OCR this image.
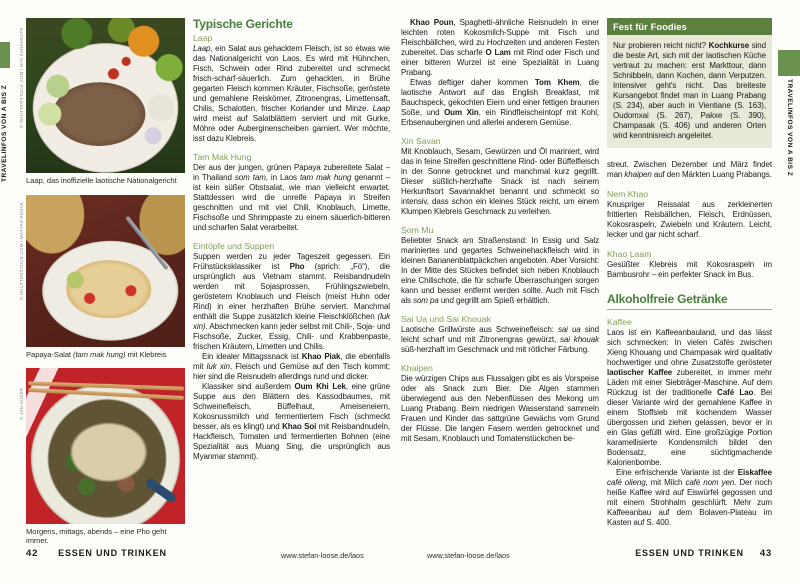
TRAVELINFOS VON A BIS Z
© SHUTTERSTOCK.COM / NITI KANTAROTE
Laap, das inoffizielle laotische Nationalgericht
© SHUTTERSTOCK.COM / MATYAS REHAK
Papaya-Salat (tam mak hung) mit Klebreis
© JAN DÜKER
Morgens, mittags, abends – eine Pho geht immer.
Typische Gerichte
Laap

Laap, ein Salat aus gehacktem Fleisch, ist so etwas wie das Nationalgericht von Laos. Es wird mit Hühnchen, Fisch, Schwein oder Rind zubereitet und schmeckt frisch-scharf-säuerlich. Zum gehackten, in Brühe gegarten Fleisch kommen Kräuter, Fischsoße, geröstete und gemahlene Reiskörner, Zitronengras, Limettensaft, Chilis, Schalotten, frischer Koriander und Minze. Laap wird meist auf Salatblättern serviert und mit Gurke, Möhre oder Auberginenscheiben garniert. Wer möchte, isst dazu Klebreis.

Tam Mak Hung

Der aus der jungen, grünen Papaya zubereitete Salat – in Thailand som tam, in Laos tam mak hung genannt – ist kein süßer Obstsalat, wie man vielleicht erwartet. Stattdessen wird die unreife Papaya in Streifen geschnitten und mit viel Chili, Knoblauch, Limette, Fischsoße und Shrimppaste zu einem säuerlich-bitteren und scharfen Salat verarbeitet.

Eintöpfe und Suppen

Suppen werden zu jeder Tageszeit gegessen. Ein Frühstücksklassiker ist Pho (sprich: „Fö“), die ursprünglich aus Vietnam stammt. Reisbandnudeln werden mit Sojasprossen, Frühlingszwiebeln, geröstetem Knoblauch und Fleisch (meist Huhn oder Rind) in einer herzhaften Brühe serviert. Manchmal enthält die Suppe zusätzlich kleine Fleischklößchen (luk xin). Abschmecken kann jeder selbst mit Chili-, Soja- und Fischsoße, Zucker, Essig, Chili- und Krabbenpaste, frischen Kräutern, Limetten und Chilis.

Ein idealer Mittagssnack ist Khao Piak, die ebenfalls mit luk xin, Fleisch und Gemüse auf den Tisch kommt; hier sind die Reisnudeln allerdings rund und dicker.

Klassiker sind außerdem Oum Khi Lek, eine grüne Suppe aus den Blättern des Kassodbaumes, mit Schweinefleisch, Büffelhaut, Ameiseneiern, Kokosnussmilch und fermentiertem Fisch (schmeckt besser, als es klingt) und Khao Soi mit Reisbandnudeln, Hackfleisch, Tomaten und fermentierten Bohnen (eine Spezialität aus Muang Sing, die ursprünglich aus Myanmar stammt).

Khao Poun, Spaghetti-ähnliche Reisnudeln in einer leichten roten Kokosmilch-Suppe mit Fisch und Fleischbällchen, wird zu Hochzeiten und anderen Festen zubereitet. Das scharfe O Lam mit Rind oder Fisch und einer bitteren Wurzel ist eine Spezialität in Luang Prabang.

Etwas deftiger daher kommen Tom Khem, die laotische Antwort auf das English Breakfast, mit Bauchspeck, gekochten Eiern und einer fettigen braunen Soße, und Oum Xin, ein Rindfleischeintopf mit Kohl, Erbsenauberginen und allerlei anderem Gemüse.

Xin Savan

Mit Knoblauch, Sesam, Gewürzen und Öl mariniert, wird das in feine Streifen geschnittene Rind- oder Büffelfleisch in der Sonne getrocknet und manchmal kurz gegrillt. Dieser süßlich-herzhafte Snack ist nach seinem Herkunftsort Savannakhet benannt und schmeckt so intensiv, dass schon ein kleines Stück reicht, um einem Klumpen Klebreis Geschmack zu verleihen.

Som Mu

Beliebter Snack am Straßenstand: In Essig und Salz mariniertes und gegartes Schweinehackfleisch wird in kleinen Bananenblattpäckchen angeboten. Aber Vorsicht: In der Mitte des Stückes befindet sich neben Knoblauch eine Chilischote, die für scharfe Überraschungen sorgen kann und besser entfernt werden sollte. Auch mit Fisch als som pa und gegrillt am Spieß erhältlich.

Sai Ua und Sai Khouak

Laotische Grillwürste aus Schweinefleisch: sai ua sind leicht scharf und mit Zitronengras gewürzt, sai khouak süß-herzhaft im Geschmack und mit rötlicher Färbung.

Khaipen

Die würzigen Chips aus Flussalgen gibt es als Vorspeise oder als Snack zum Bier. Die Algen stammen überwiegend aus den Nebenflüssen des Mekong um Luang Prabang. Beim niedrigen Wasserstand sammeln Frauen und Kinder das sattgrüne Gewächs vom Grund der Flüsse. Die langen Fasern werden getrocknet und mit Sesam, Knoblauch und Tomatenstückchen be-

Fest für Foodies

Nur probieren reicht nicht? Kochkurse sind die beste Art, sich mit der laotischen Küche vertraut zu machen: erst Markttour, dann Schnibbeln, dann Kochen, dann Verputzen. Intensiver geht's nicht. Das breiteste Kursangebot findet man in Luang Prabang (S. 234), aber auch in Vientiane (S. 163), Oudomxai (S. 267), Pakxe (S. 390), Champasak (S. 406) und anderen Orten wird kenntnisreich angeleitet.

streut. Zwischen Dezember und März findet man khaipen auf den Märkten Luang Prabangs.

Nem Khao

Knuspriger Reissalat aus zerkleinerten frittierten Reisbällchen, Fleisch, Erdnüssen, Kokosraspeln, Zwiebeln und Kräutern. Leicht, lecker und gar nicht scharf.

Khao Laam

Gesüßter Klebreis mit Kokosraspeln im Bambusrohr – ein perfekter Snack im Bus.

Alkoholfreie Getränke
Kaffee

Laos ist ein Kaffeeanbauland, und das lässt sich schmecken: In vielen Cafés zwischen Xieng Khouang und Champasak wird qualitativ hochwertiger und ohne Zusatzstoffe gerösteter laotischer Kaffee zubereitet, in immer mehr Läden mit einer Siebträger-Maschine. Auf dem Rückzug ist der traditionelle Café Lao. Bei dieser Variante wird der gemahlene Kaffee in einem Stoffsieb mit kochendem Wasser übergossen und ziehen gelassen, bevor er in ein Glas gefüllt wird. Eine großzügige Portion karamellisierte Kondensmilch bildet den Bodensatz, eine süchtigmachende Kalorienbombe.

Eine erfrischende Variante ist der Eiskaffee café olieng, mit Milch café nom yen. Der noch heiße Kaffee wird auf Eiswürfel gegossen und mit einem Strohhalm geschlürft. Mehr zum Kaffeeanbau auf dem Bolaven-Plateau im Kasten auf S. 400.

TRAVELINFOS VON A BIS Z
42 ESSEN UND TRINKEN	www.stefan-loose.de/laos	www.stefan-loose.de/laos	ESSEN UND TRINKEN 43
